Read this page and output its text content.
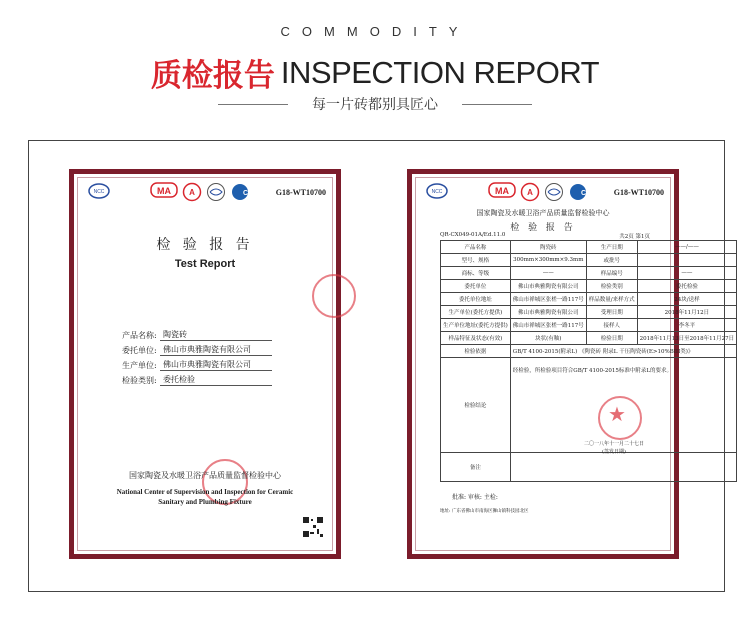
COMMODITY
质检报告 INSPECTION REPORT
每一片砖都别具匠心
NCC	MA A	CNAS G18-WT10700
检 验 报 告
Test Report
产品名称: 陶瓷砖
委托单位: 佛山市典雅陶瓷有限公司
生产单位: 佛山市典雅陶瓷有限公司
检验类别: 委托检验
国家陶瓷及水暖卫浴产品质量监督检验中心
National Center of Supervision and Inspection for Ceramic
Sanitary and Plumbing Fixture
NCC	MA A	CNAS G18-WT10700
国家陶瓷及水暖卫浴产品质量监督检验中心
检 验 报 告
QR-CX049-01A/Ed.11.0	共2页 第1页
产品名称	陶瓷砖	生产日期	——/——
型号、规格	300mm×300mm×9.3mm	或批号	
商标、等级	——	样品编号	——
委托单位	佛山市典雅陶瓷有限公司	检验类别	委托检验
委托单位地址	佛山市禅城区张槎一路117号	样品数量/来样方式	24块/送样
生产单位(委托方提供)	佛山市典雅陶瓷有限公司	受理日期	2018年11月12日
生产单位地址(委托方提供)	佛山市禅城区张槎一路117号	接样人	李冬平
样品特征及状态(有效)	块状(有釉)	检验日期	2018年11月13日至2018年11月27日
检验依据	GB/T 4100-2015(附录L) 《陶瓷砖 附录L 干压陶瓷砖(E>10%BIII类)》		
检验结论	经检验，所检验项目符合GB/T 4100-2015标准中附录L的要求。		
备注			
★
二〇一八年十一月二十七日
(签发日期)
批准: 审核: 主检:
地址: 广东省佛山市南海区狮山镇科技园北区
